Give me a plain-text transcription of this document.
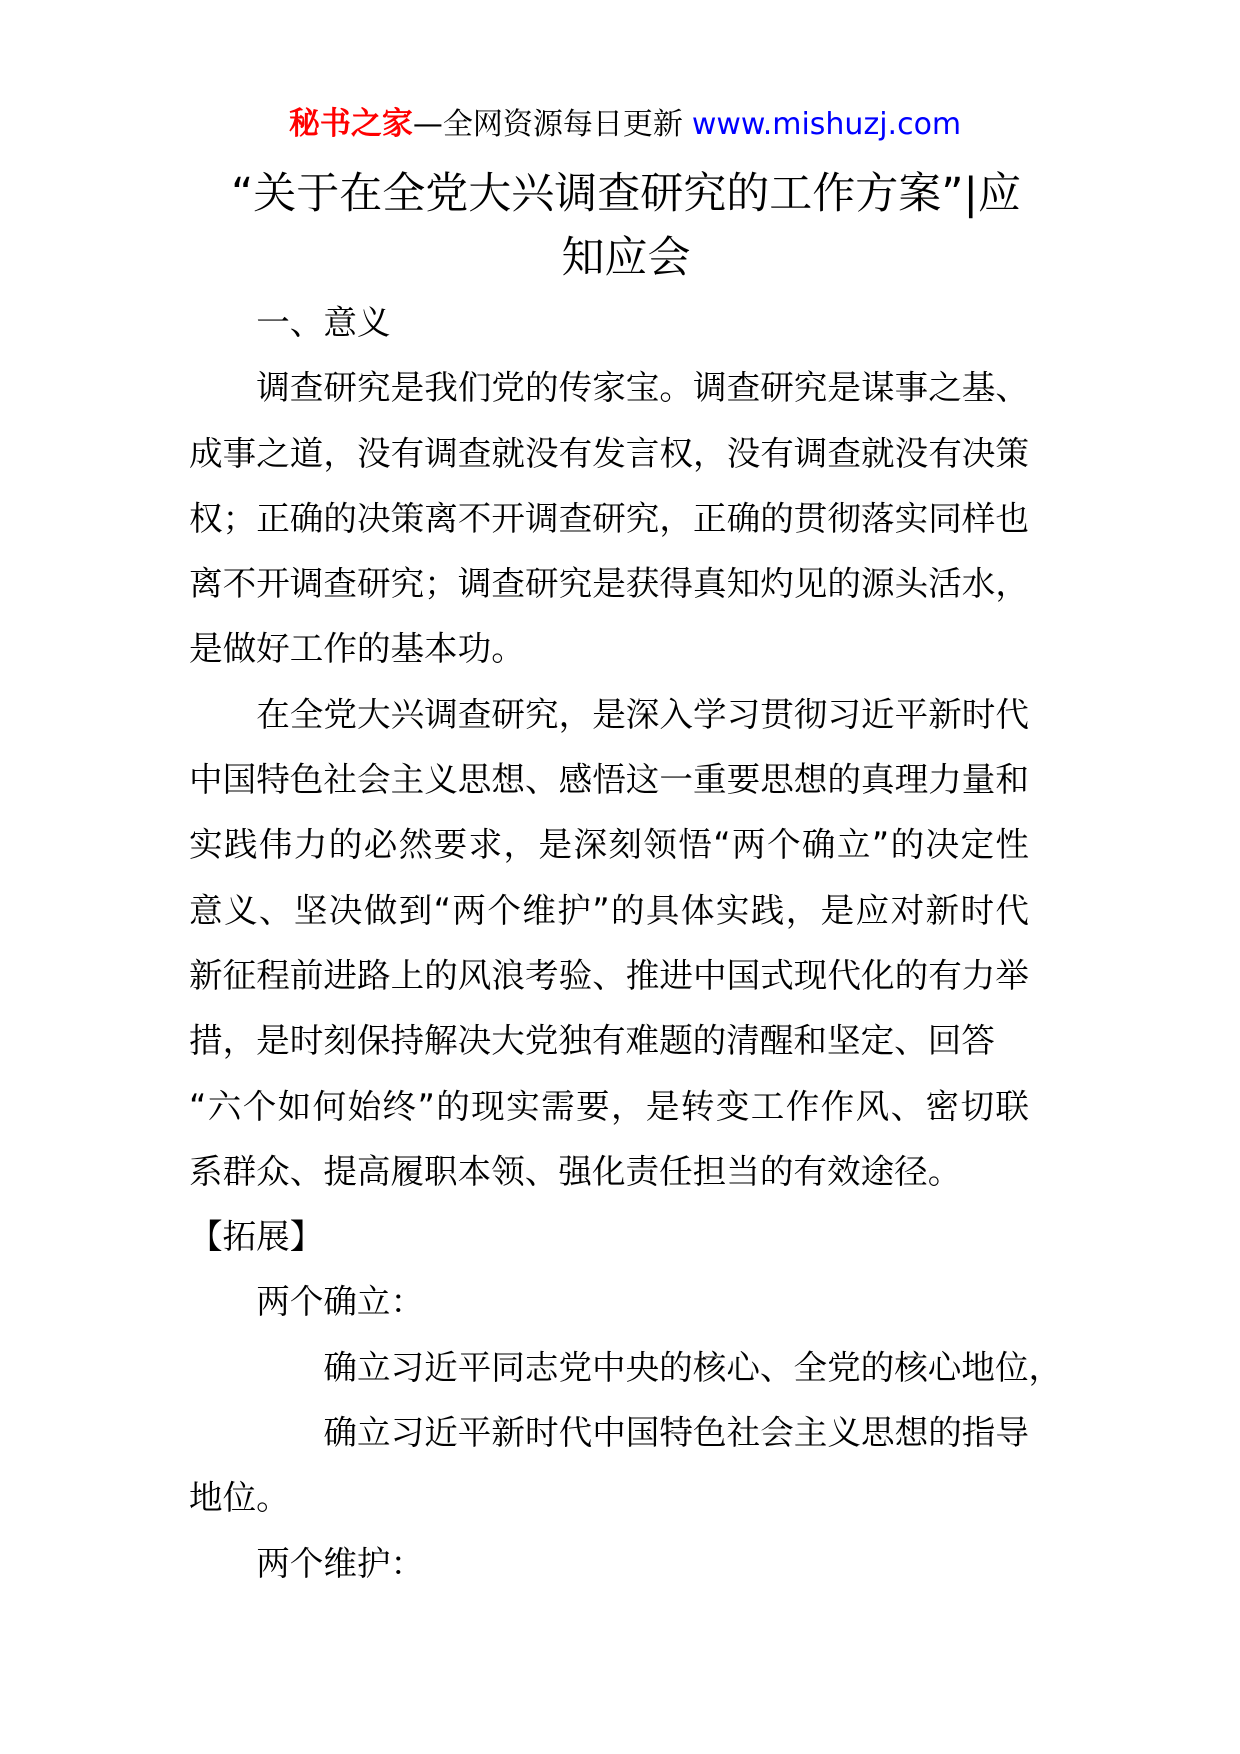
秘书之家—全网资源每日更新 www.mishuzj.com
“关于在全党大兴调查研究的工作方案”|应
知应会
一、意义
调查研究是我们党的传家宝。调查研究是谋事之基、
成事之道，没有调查就没有发言权，没有调查就没有决策
权；正确的决策离不开调查研究，正确的贯彻落实同样也
离不开调查研究；调查研究是获得真知灼见的源头活水，
是做好工作的基本功。
在全党大兴调查研究，是深入学习贯彻习近平新时代
中国特色社会主义思想、感悟这一重要思想的真理力量和
实践伟力的必然要求，是深刻领悟“两个确立”的决定性
意义、坚决做到“两个维护”的具体实践，是应对新时代
新征程前进路上的风浪考验、推进中国式现代化的有力举
措，是时刻保持解决大党独有难题的清醒和坚定、回答
“六个如何始终”的现实需要，是转变工作作风、密切联
系群众、提高履职本领、强化责任担当的有效途径。
【拓展】
两个确立：
确立习近平同志党中央的核心、全党的核心地位，
确立习近平新时代中国特色社会主义思想的指导
地位。
两个维护：
